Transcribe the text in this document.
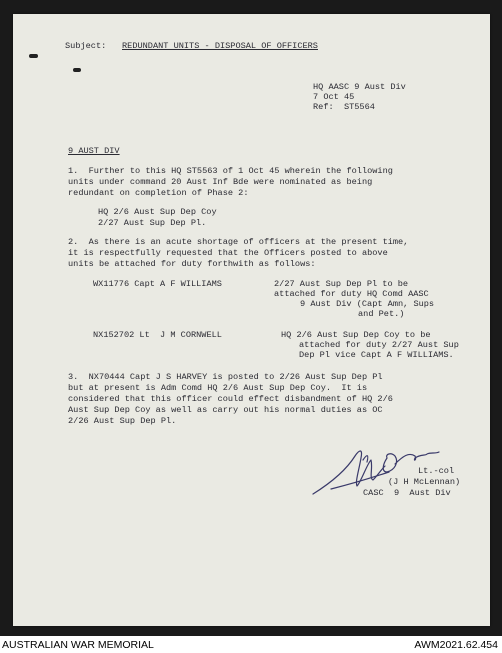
Subject: REDUNDANT UNITS - DISPOSAL OF OFFICERS
HQ AASC 9 Aust Div
7 Oct 45
Ref:  ST5564
9 AUST DIV
1.  Further to this HQ ST5563 of 1 Oct 45 wherein the following
units under command 20 Aust Inf Bde were nominated as being
redundant on completion of Phase 2:
HQ 2/6 Aust Sup Dep Coy
2/27 Aust Sup Dep Pl.
2.  As there is an acute shortage of officers at the present time,
it is respectfully requested that the Officers posted to above
units be attached for duty forthwith as follows:
WX11776 Capt A F WILLIAMS	2/27 Aust Sup Dep Pl to be
attached for duty HQ Comd AASC
9 Aust Div (Capt Amn, Sups
and Pet.)
NX152702 Lt  J M CORNWELL	HQ 2/6 Aust Sup Dep Coy to be
attached for duty 2/27 Aust Sup
Dep Pl vice Capt A F WILLIAMS.
3.  NX70444 Capt J S HARVEY is posted to 2/26 Aust Sup Dep Pl
but at present is Adm Comd HQ 2/6 Aust Sup Dep Coy.  It is
considered that this officer could effect disbandment of HQ 2/6
Aust Sup Dep Coy as well as carry out his normal duties as OC
2/26 Aust Sup Dep Pl.
Lt.-col
(J H McLennan)
CASC  9  Aust Div
AUSTRALIAN WAR MEMORIAL	AWM2021.62.454
